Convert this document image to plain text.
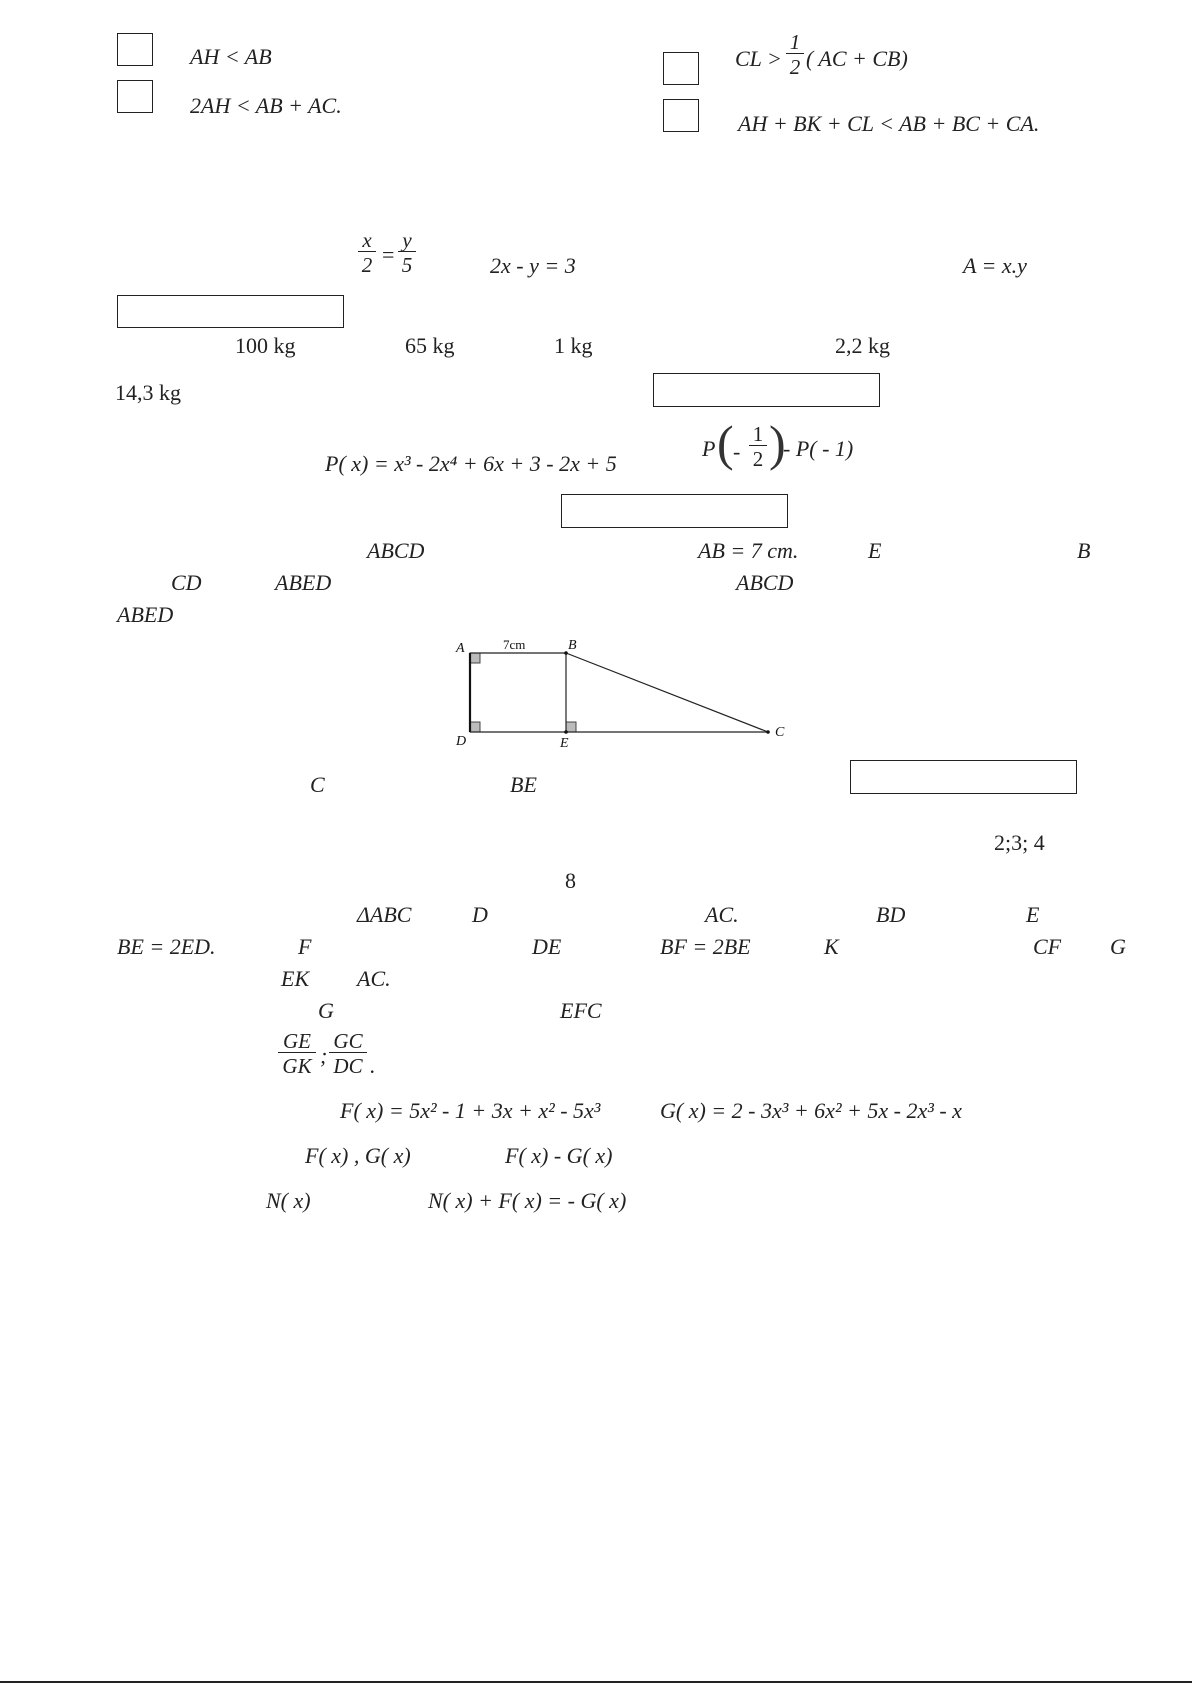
AH < AB
2AH < AB + AC.
CL > $\frac{1}{2}$ ( AC + CB)
AH + BK + CL < AB + BC + CA.
$\frac{x}{2} = \frac{y}{5}$	2x - y = 3	A = x.y
100 kg	65 kg	1 kg	2,2 kg
14,3 kg
P( x) = x³ - 2x⁴ + 6x + 3 - 2x + 5
P ( - $\frac{1}{2}$ )
- P( - 1)
ABCD	AB = 7 cm.	E	B
CD	ABED	ABCD
ABED
A	B
C
D	E
7cm
C	BE
2;3; 4
8
ΔABC	D	AC.	BD	E
BE = 2ED.	F	DE	BF = 2BE	K	CF G
EK AC.
G	EFC
$\frac{GE}{GK}$ ; $\frac{GC}{DC}$ .
F( x) = 5x² - 1 + 3x + x² - 5x³	G( x) = 2 - 3x³ + 6x² + 5x - 2x³ - x
F( x) , G( x)	F( x) - G( x)
N( x)	N( x) + F( x) = - G( x)
